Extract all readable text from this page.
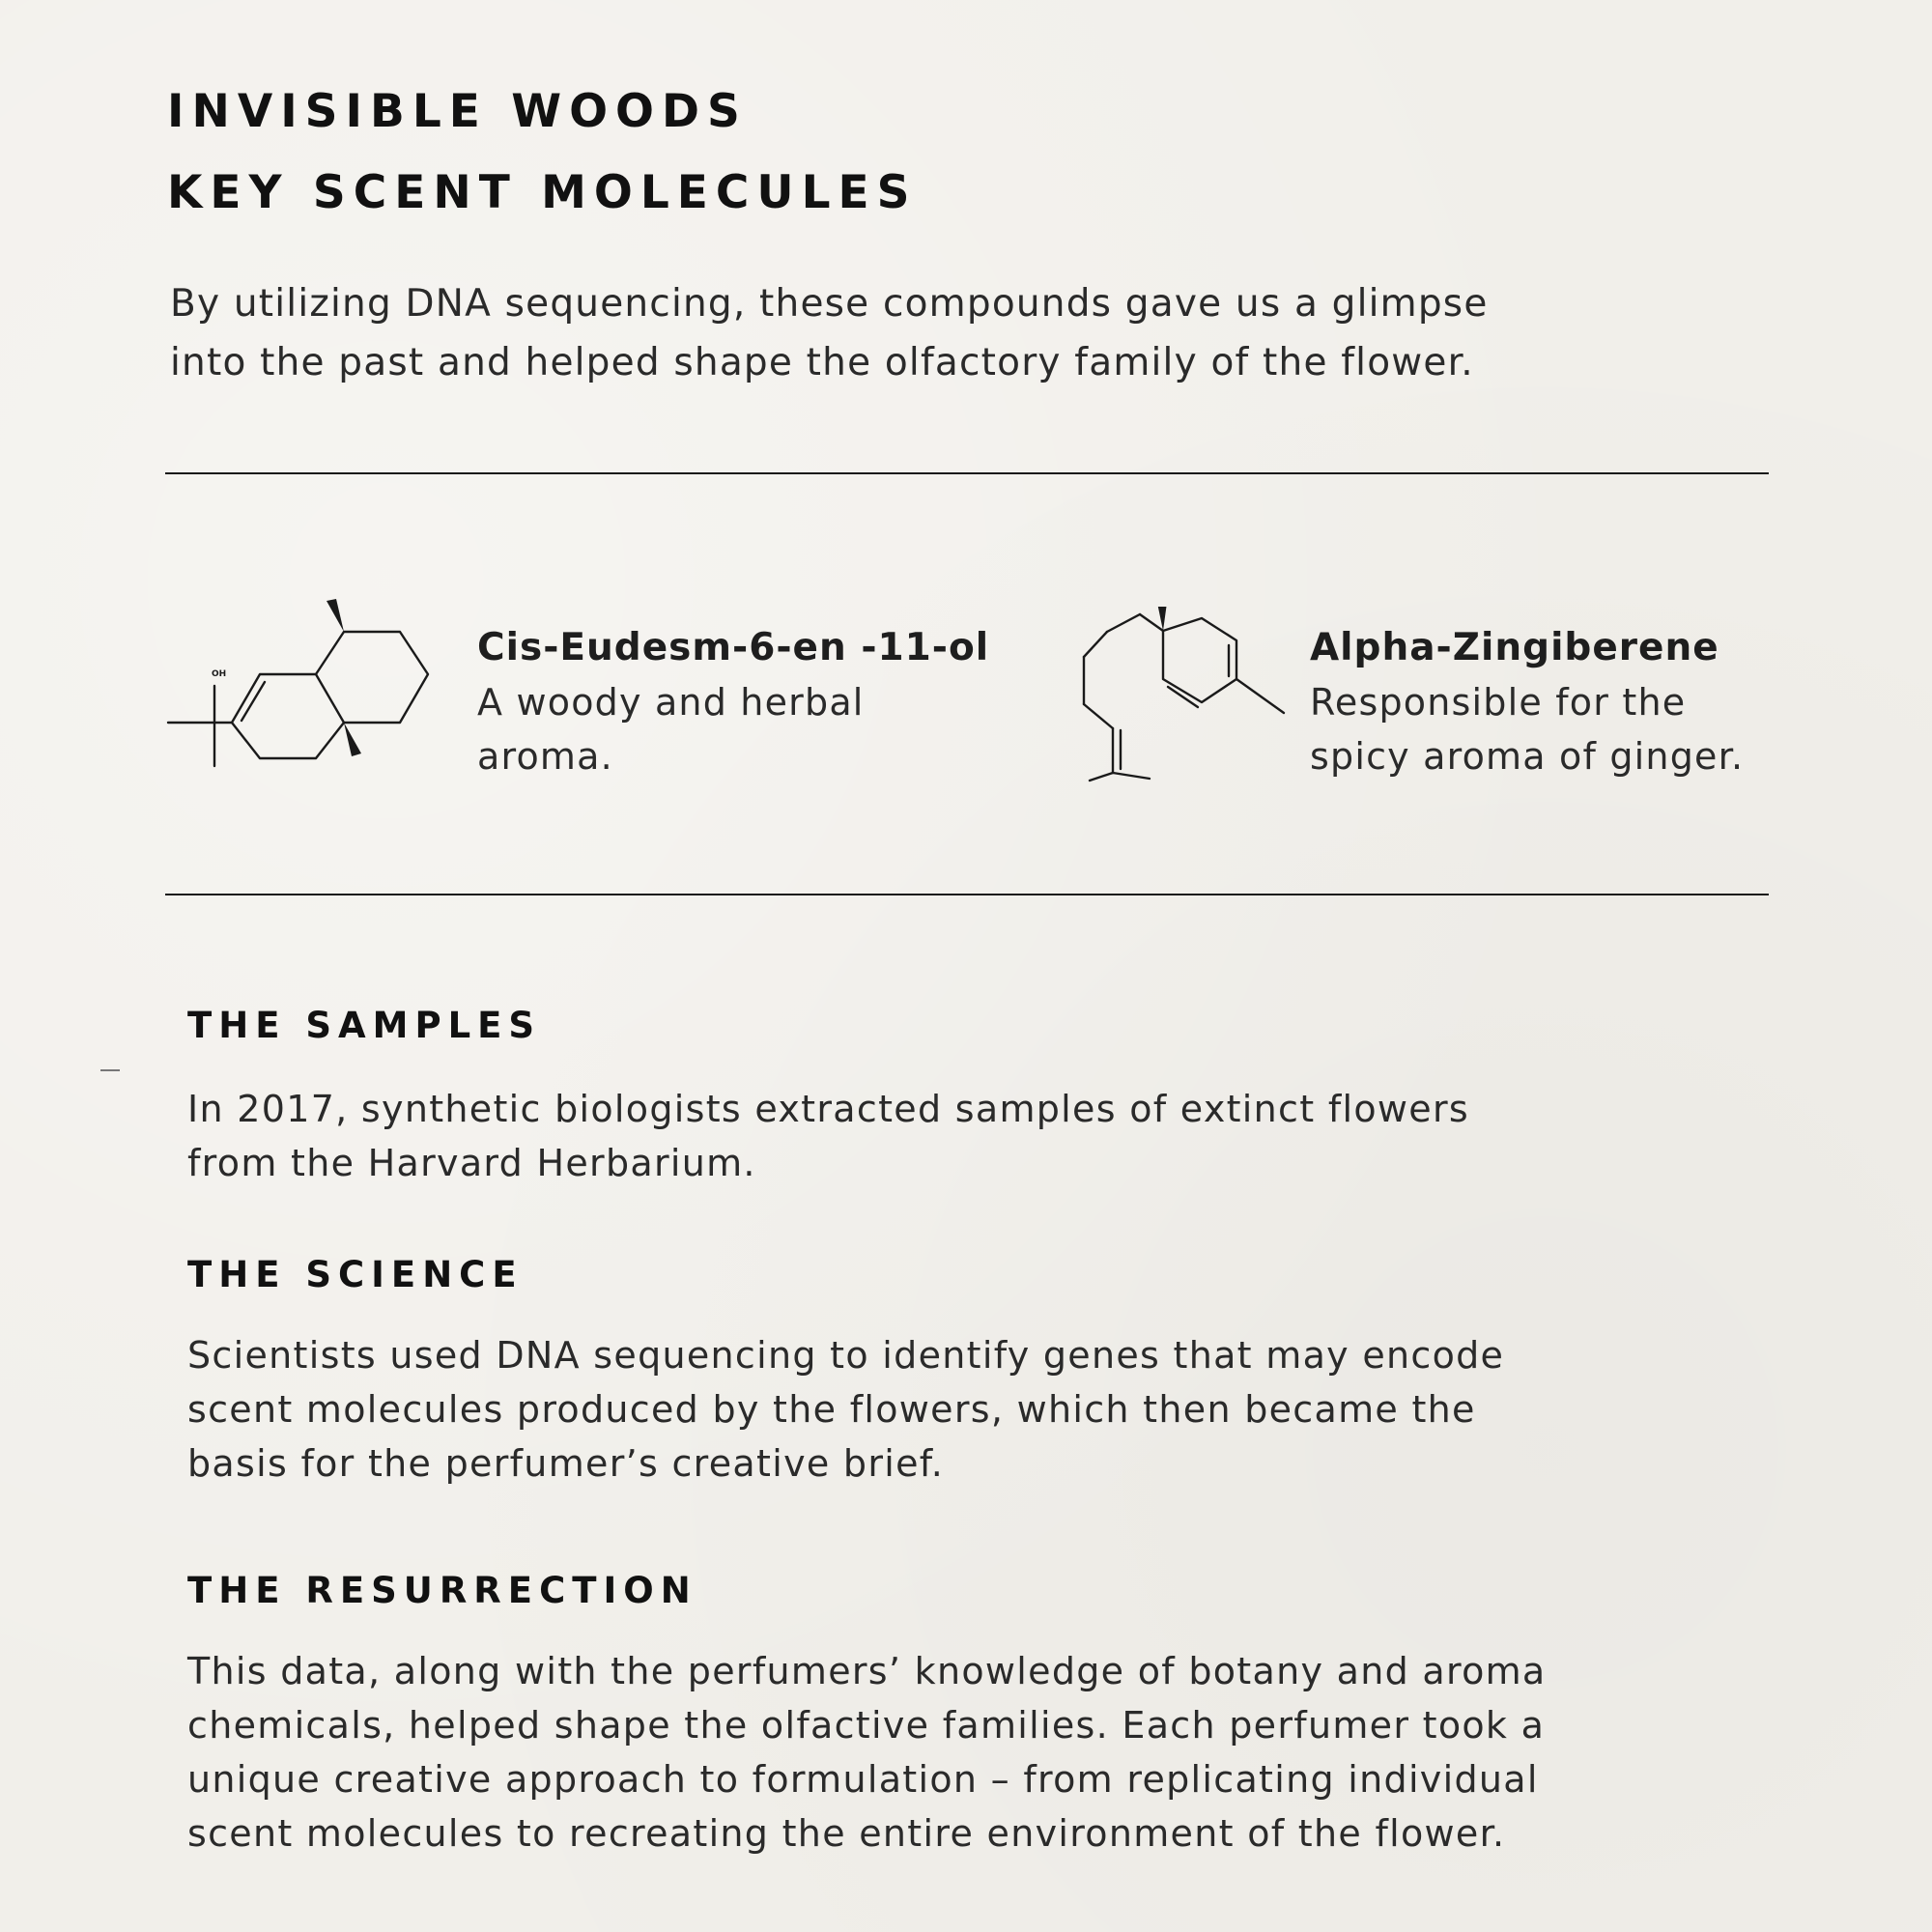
INVISIBLE WOODS
KEY SCENT MOLECULES

By utilizing DNA sequencing, these compounds gave us a glimpse
into the past and helped shape the olfactory family of the flower.

OH
Cis-Eudesm-6-en -11-ol
A woody and herbal
aroma.
Alpha-Zingiberene
Responsible for the
spicy aroma of ginger.
THE SAMPLES

In 2017, synthetic biologists extracted samples of extinct flowers
from the Harvard Herbarium.

THE SCIENCE

Scientists used DNA sequencing to identify genes that may encode
scent molecules produced by the flowers, which then became the
basis for the perfumer’s creative brief.

THE RESURRECTION

This data, along with the perfumers’ knowledge of botany and aroma
chemicals, helped shape the olfactive families. Each perfumer took a
unique creative approach to formulation – from replicating individual
scent molecules to recreating the entire environment of the flower.
